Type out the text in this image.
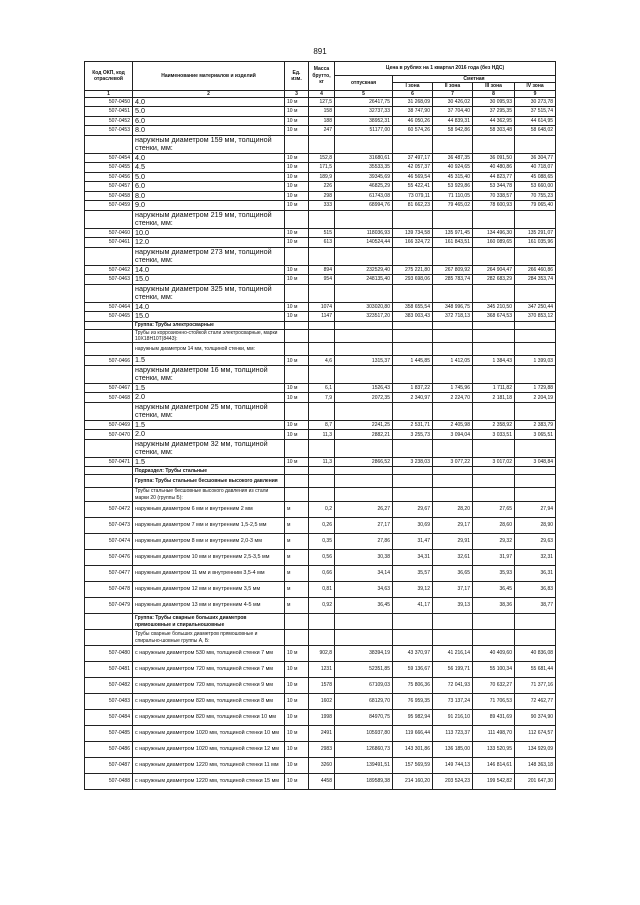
891
Код ОКП, код отраслевой	Наименование материалов и изделий	Ед. изм.	Масса брутто, кг	Цена в рублях на 1 квартал 2016 года (без НДС)				
				отпускная	Сметная			
					I зона	II зона	III зона	IV зона
1	2	3	4	5	6	7	8	9
507-0450	4.0	10 м	127,5	26417,75	31 268,09	30 426,02	30 095,93	30 273,78
507-0451	5.0	10 м	158	32737,33	38 747,90	37 704,40	37 295,35	37 515,74
507-0452	6.0	10 м	188	38952,31	46 050,26	44 839,31	44 362,95	44 614,95
507-0453	8.0	10 м	247	51177,00	60 574,26	58 942,86	58 303,48	58 648,02
	наружным диаметром 159 мм, толщиной стенки, мм:							
507-0454	4.0	10 м	152,8	31680,61	37 497,17	36 487,35	36 091,50	36 304,77
507-0455	4.5	10 м	171,5	35533,35	42 057,37	40 924,65	40 480,86	40 718,07
507-0456	5.0	10 м	189,9	39345,69	46 569,54	45 315,40	44 823,77	45 088,65
507-0457	6.0	10 м	226	46825,29	55 422,41	53 929,86	53 344,78	53 660,00
507-0458	8.0	10 м	298	61743,08	73 079,11	71 110,05	70 338,57	70 755,23
507-0459	9.0	10 м	333	68994,76	81 662,23	79 465,02	78 600,93	79 065,40
	наружным диаметром 219 мм, толщиной стенки, мм:							
507-0460	10.0	10 м	515	118036,93	139 734,58	135 971,45	134 496,30	135 291,07
507-0461	12.0	10 м	613	140524,44	166 324,72	161 843,51	160 089,65	161 035,96
	наружным диаметром 273 мм, толщиной стенки, мм:							
507-0462	14.0	10 м	894	232529,40	275 221,80	267 809,92	264 904,47	266 460,86
507-0463	15.0	10 м	954	248135,40	293 698,06	285 783,74	282 683,29	284 353,74
	наружным диаметром 325 мм, толщиной стенки, мм:							
507-0464	14.0	10 м	1074	303020,80	358 655,54	348 996,75	345 210,50	347 250,44
507-0465	15.0	10 м	1147	323517,20	383 003,43	372 718,13	368 674,53	370 853,12
	Группа: Трубы электросварные							
	Трубы из коррозионно-стойкой стали электросварные, марки 10Х18Н10Т(8443):							
	наружным диаметром 14 мм, толщиной стенки, мм:							
507-0466	1.5	10 м	4,6	1315,37	1 445,85	1 412,05	1 384,43	1 399,03
	наружным диаметром 16 мм, толщиной стенки, мм:							
507-0467	1.5	10 м	6,1	1526,43	1 837,22	1 745,96	1 711,82	1 729,88
507-0468	2.0	10 м	7,9	2072,35	2 340,97	2 224,70	2 181,18	2 204,19
	наружным диаметром 25 мм, толщиной стенки, мм:							
507-0469	1.5	10 м	8,7	2241,25	2 531,71	2 405,98	2 358,92	2 383,79
507-0470	2.0	10 м	11,3	2882,21	3 255,73	3 094,04	3 033,51	3 065,51
	наружным диаметром 32 мм, толщиной стенки, мм:							
507-0471	1.5	10 м	11,3	2866,52	3 238,03	3 077,22	3 017,02	3 048,84
	Подраздел: Трубы стальные							
	Группа: Трубы стальные бесшовные высокого давления							
	Трубы стальные бесшовные высокого давления из стали марки 20 (группы Б):							
507-0472	наружным диаметром 6 мм и внутренним 2 мм	м	0,2	26,27	29,67	28,20	27,65	27,94
507-0473	наружным диаметром 7 мм и внутренним 1,5-2,5 мм	м	0,26	27,17	30,69	29,17	28,60	28,90
507-0474	наружным диаметром 8 мм и внутренним 2,0-3 мм	м	0,35	27,86	31,47	29,91	29,32	29,63
507-0476	наружным диаметром 10 мм и внутренним 2,5-3,5 мм	м	0,56	30,38	34,31	32,61	31,97	32,31
507-0477	наружным диаметром 11 мм и внутренним 3,5-4 мм	м	0,66	34,14	35,57	36,65	35,93	36,31
507-0478	наружным диаметром 12 мм и внутренним 3,5 мм	м	0,81	34,63	39,12	37,17	36,45	36,83
507-0479	наружным диаметром 13 мм и внутренним 4-5 мм	м	0,92	36,45	41,17	39,13	38,36	38,77
	Группа: Трубы сварные больших диаметров прямошовные и спиральношовные							
	Трубы сварные больших диаметров прямошовные и спирально-шовные группы А, Б:							
507-0480	с наружным диаметром 530 мм, толщиной стенки 7 мм	10 м	902,8	38394,19	43 370,97	41 216,14	40 409,60	40 836,08
507-0481	с наружным диаметром 720 мм, толщиной стенки 7 мм	10 м	1231	52351,85	59 136,67	56 199,71	55 100,34	55 681,44
507-0482	с наружным диаметром 720 мм, толщиной стенки 9 мм	10 м	1578	67109,03	75 806,36	72 041,93	70 632,27	71 377,16
507-0483	с наружным диаметром 820 мм, толщиной стенки 8 мм	10 м	1602	68129,70	76 959,35	73 137,24	71 706,53	72 462,77
507-0484	с наружным диаметром 820 мм, толщиной стенки 10 мм	10 м	1998	84970,75	95 982,94	91 216,10	89 431,69	90 374,90
507-0485	с наружным диаметром 1020 мм, толщиной стенки 10 мм	10 м	2491	105937,80	119 666,44	113 723,37	111 498,70	112 674,57
507-0486	с наружным диаметром 1020 мм, толщиной стенки 12 мм	10 м	2983	126860,73	143 301,86	136 185,00	133 520,95	134 929,09
507-0487	с наружным диаметром 1220 мм, толщиной стенки 11 мм	10 м	3260	139491,51	157 569,59	149 744,13	146 814,61	148 363,18
507-0488	с наружным диаметром 1220 мм, толщиной стенки 15 мм	10 м	4458	189589,38	214 160,20	203 524,23	199 542,82	201 647,30
